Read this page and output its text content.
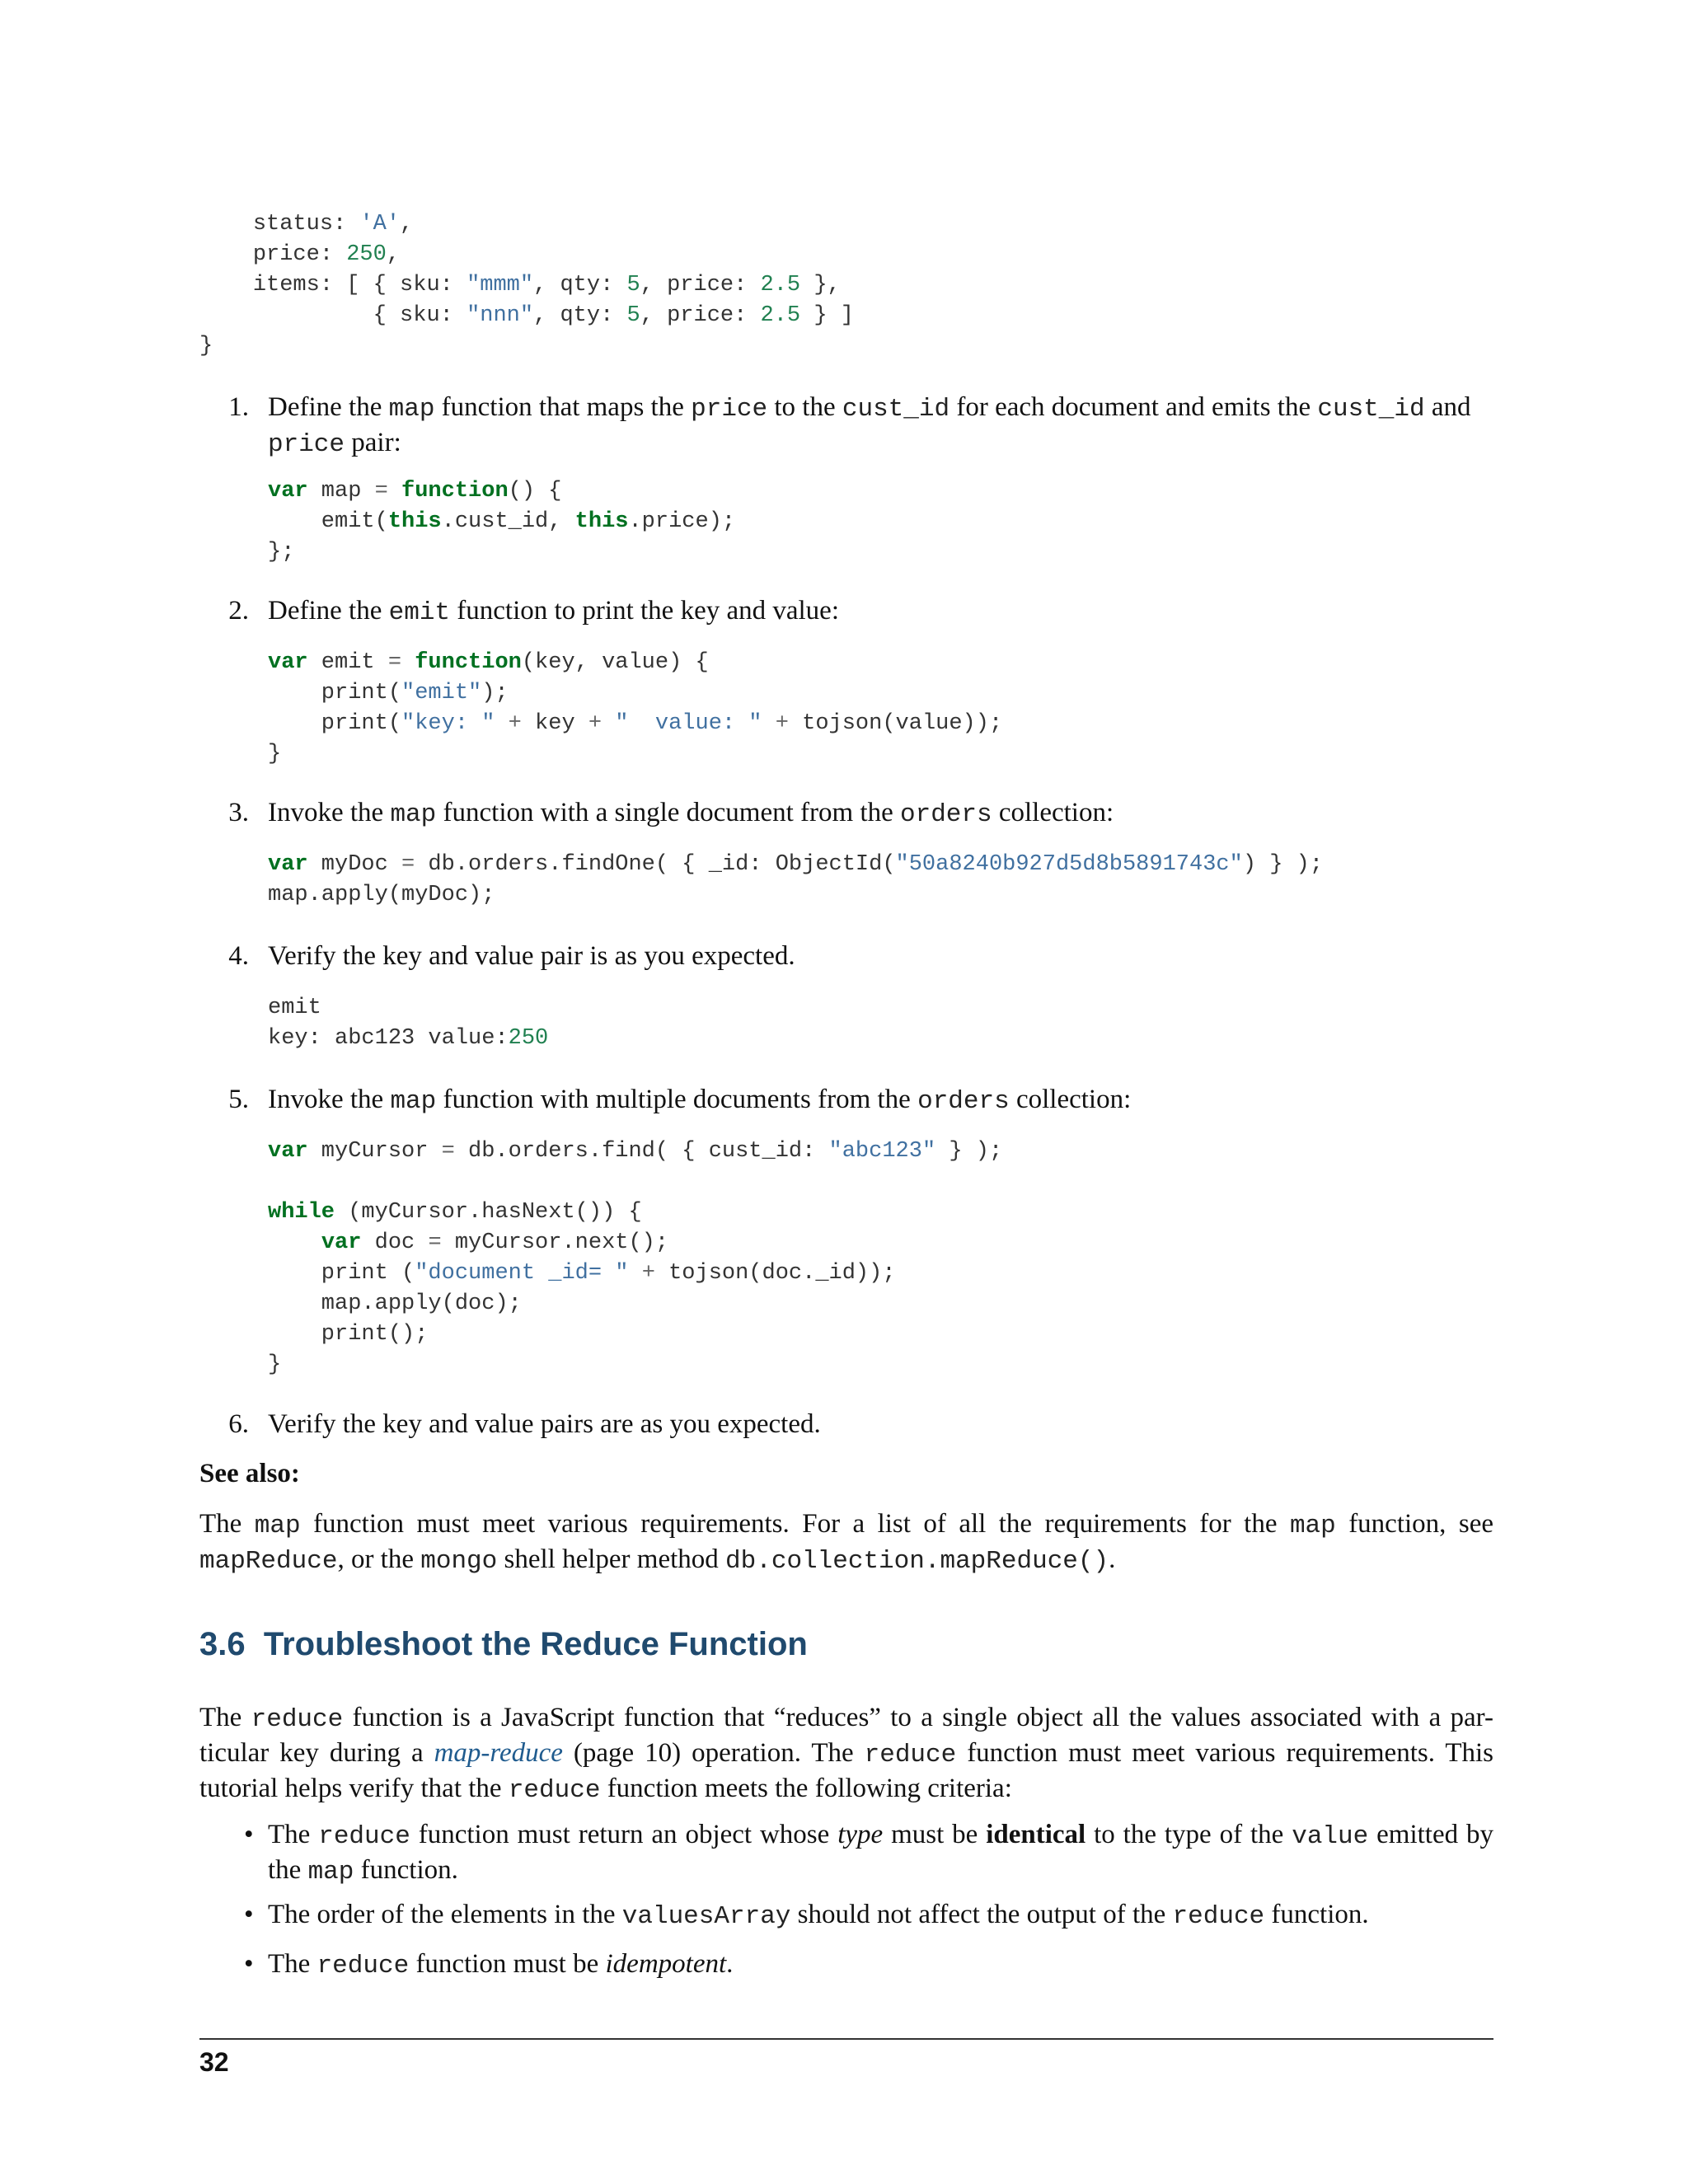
status: 'A',
price: 250,
items: [ { sku: "mmm", qty: 5, price: 2.5 },
{ sku: "nnn", qty: 5, price: 2.5 } ]
}
1. Define the map function that maps the price to the cust_id for each document and emits the cust_id and
price pair:

var map = function() {
emit(this.cust_id, this.price);
};
2. Define the emit function to print the key and value:

var emit = function(key, value) {
print("emit");
print("key: " + key + "  value: " + tojson(value));
}
3. Invoke the map function with a single document from the orders collection:

var myDoc = db.orders.findOne( { _id: ObjectId("50a8240b927d5d8b5891743c") } );
map.apply(myDoc);
4. Verify the key and value pair is as you expected.

emit
key: abc123 value:250
5. Invoke the map function with multiple documents from the orders collection:

var myCursor = db.orders.find( { cust_id: "abc123" } );
while (myCursor.hasNext()) {
var doc = myCursor.next();
print ("document _id= " + tojson(doc._id));
map.apply(doc);
print();
}
6. Verify the key and value pairs are as you expected.

See also:

The map function must meet various requirements. For a list of all the requirements for the map function, see mapReduce, or the mongo shell helper method db.collection.mapReduce().

3.6 Troubleshoot the Reduce Function

The reduce function is a JavaScript function that “reduces” to a single object all the values associated with a par-ticular key during a map-reduce (page 10) operation. The reduce function must meet various requirements. This tutorial helps verify that the reduce function meets the following criteria:

• The reduce function must return an object whose type must be identical to the type of the value emitted by the map function.

• The order of the elements in the valuesArray should not affect the output of the reduce function.

• The reduce function must be idempotent.

32
